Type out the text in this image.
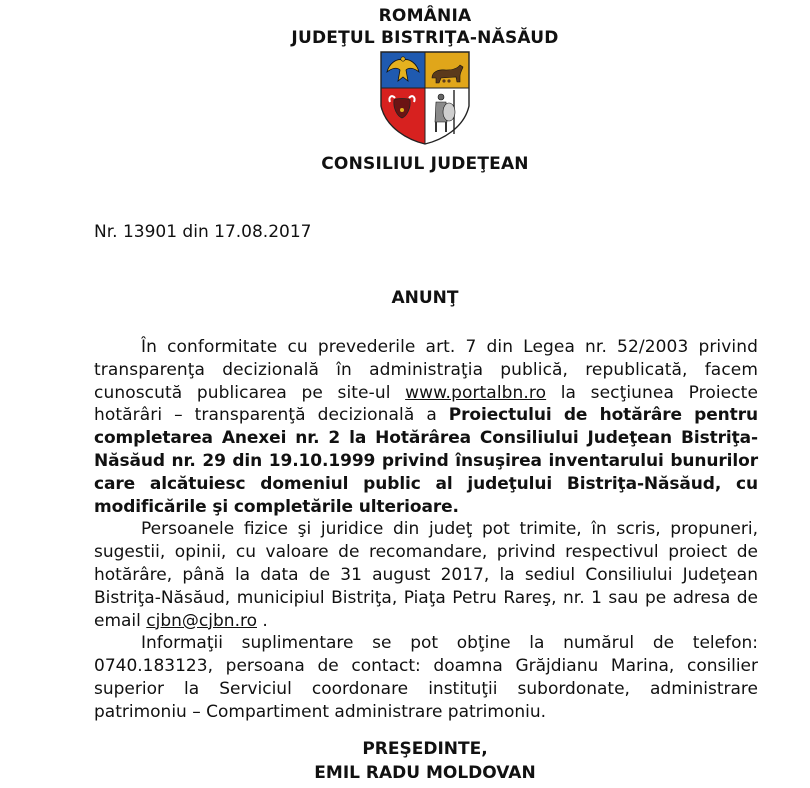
ROMÂNIA
JUDEŢUL BISTRIŢA-NĂSĂUD
CONSILIUL JUDEŢEAN
Nr. 13901 din 17.08.2017
ANUNŢ

În conformitate cu prevederile art. 7 din Legea nr. 52/2003 privind transparenţa decizională în administraţia publică, republicată, facem cunoscută publicarea pe site-ul www.portalbn.ro la secţiunea Proiecte hotărâri – transparenţă decizională a Proiectului de hotărâre pentru completarea Anexei nr. 2 la Hotărârea Consiliului Judeţean Bistriţa-Năsăud nr. 29 din 19.10.1999 privind însuşirea inventarului bunurilor care alcătuiesc domeniul public al judeţului Bistriţa-Năsăud, cu modificările şi completările ulterioare.

Persoanele fizice şi juridice din judeţ pot trimite, în scris, propuneri, sugestii, opinii, cu valoare de recomandare, privind respectivul proiect de hotărâre, până la data de 31 august 2017, la sediul Consiliului Judeţean Bistriţa-Năsăud, municipiul Bistriţa, Piaţa Petru Rareş, nr. 1 sau pe adresa de email cjbn@cjbn.ro .

Informaţii suplimentare se pot obţine la numărul de telefon: 0740.183123, persoana de contact: doamna Grăjdianu Marina, consilier superior la Serviciul coordonare instituţii subordonate, administrare patrimoniu – Compartiment administrare patrimoniu.

PREŞEDINTE,
EMIL RADU MOLDOVAN
